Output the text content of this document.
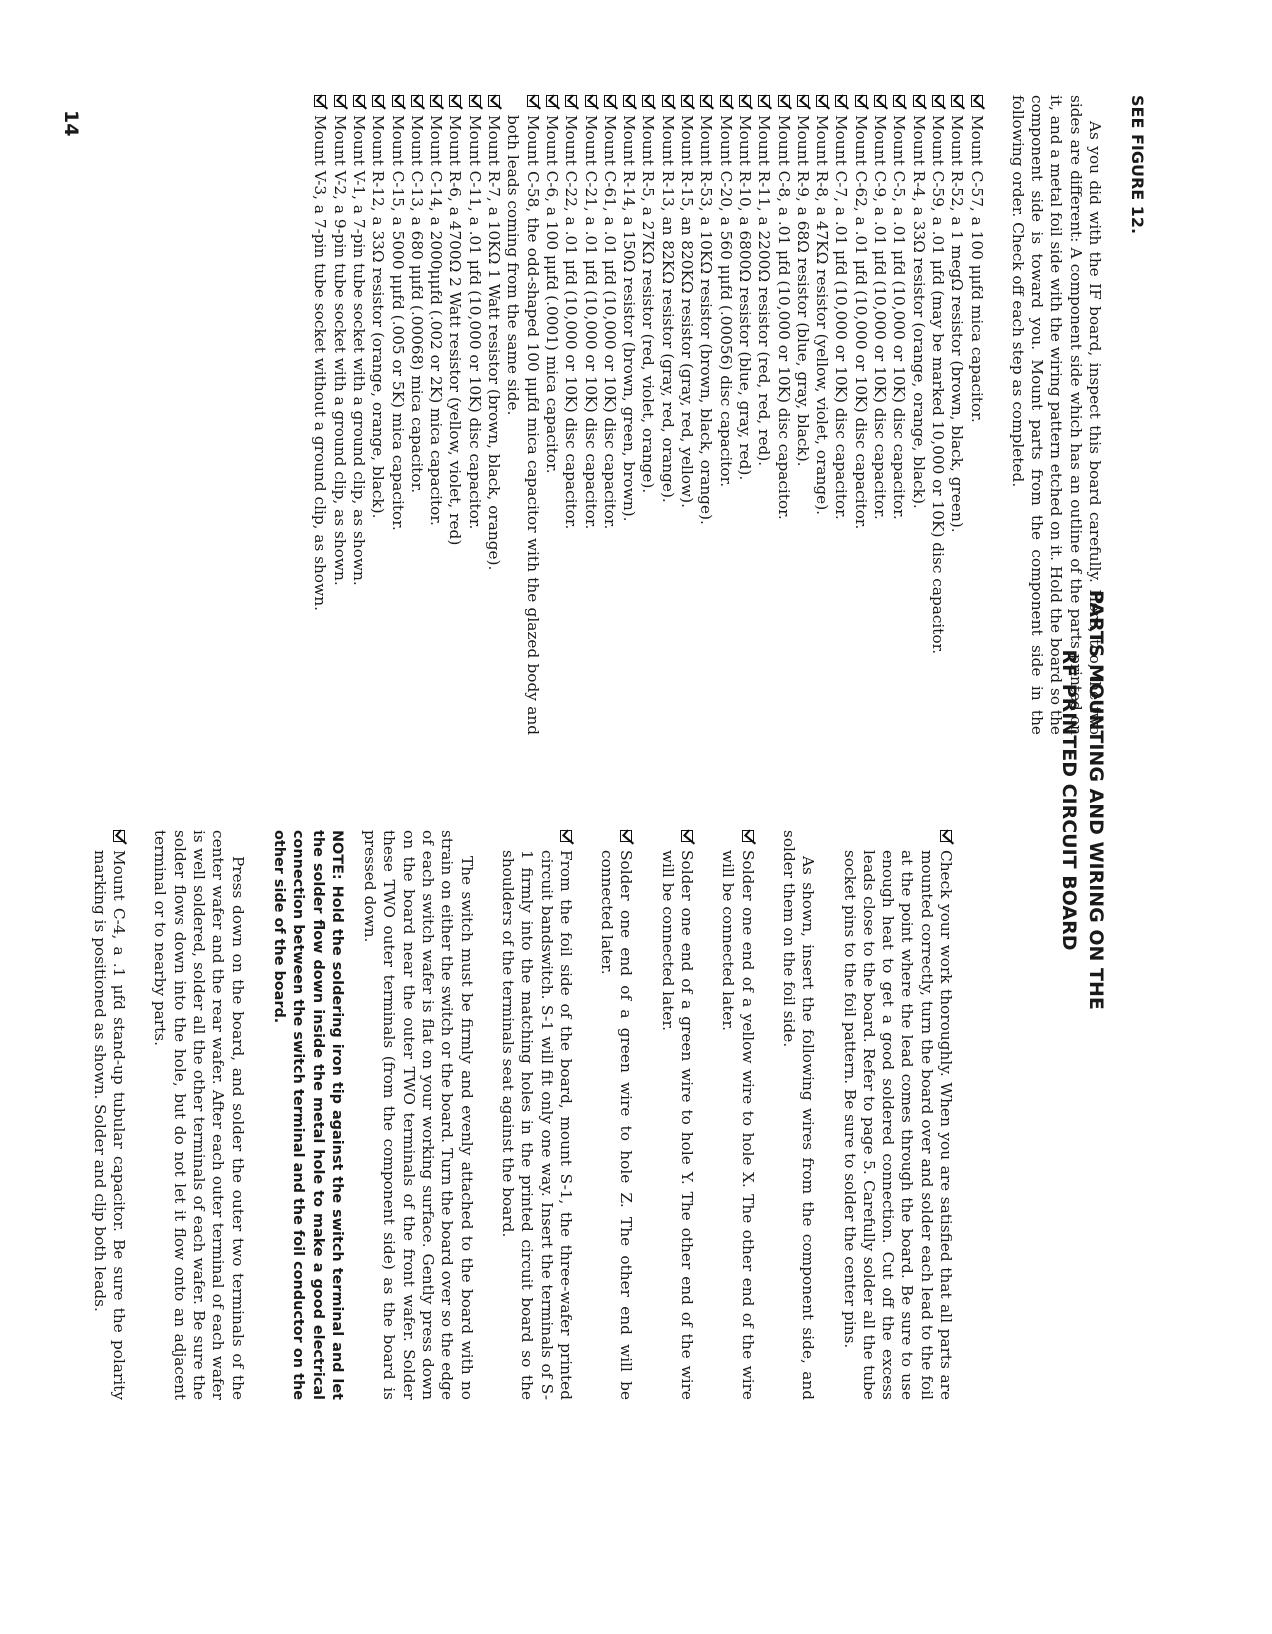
PARTS MOUNTING AND WIRING ON THE
RF PRINTED CIRCUIT BOARD
SEE FIGURE 12.

As you did with the IF board, inspect this board carefully. Here, too, the two sides are different: A component side which has an outline of the parts printed on it, and a metal foil side with the wiring pattern etched on it. Hold the board so the component side is toward you. Mount parts from the component side in the following order. Check off each step as completed.

Mount C-57, a 100 μμfd mica capacitor.
Mount R-52, a 1 megΩ resistor (brown, black, green).
Mount C-59, a .01 μfd (may be marked 10,000 or 10K) disc capacitor.
Mount R-4, a 33Ω resistor (orange, orange, black).
Mount C-5, a .01 μfd (10,000 or 10K) disc capacitor.
Mount C-9, a .01 μfd (10,000 or 10K) disc capacitor.
Mount C-62, a .01 μfd (10,000 or 10K) disc capacitor.
Mount C-7, a .01 μfd (10,000 or 10K) disc capacitor.
Mount R-8, a 47KΩ resistor (yellow, violet, orange).
Mount R-9, a 68Ω resistor (blue, gray, black).
Mount C-8, a .01 μfd (10,000 or 10K) disc capacitor.
Mount R-11, a 2200Ω resistor (red, red, red).
Mount R-10, a 6800Ω resistor (blue, gray, red).
Mount C-20, a 560 μμfd (.00056) disc capacitor.
Mount R-53, a 10KΩ resistor (brown, black, orange).
Mount R-15, an 820KΩ resistor (gray, red, yellow).
Mount R-13, an 82KΩ resistor (gray, red, orange).
Mount R-5, a 27KΩ resistor (red, violet, orange).
Mount R-14, a 150Ω resistor (brown, green, brown).
Mount C-61, a .01 μfd (10,000 or 10K) disc capacitor.
Mount C-21, a .01 μfd (10,000 or 10K) disc capacitor.
Mount C-22, a .01 μfd (10,000 or 10K) disc capacitor.
Mount C-6, a 100 μμfd (.0001) mica capacitor.
Mount C-58, the odd-shaped 100 μμfd mica capacitor with the glazed body and both leads coming from the same side.
Mount R-7, a 10KΩ 1 Watt resistor (brown, black, orange).
Mount C-11, a .01 μfd (10,000 or 10K) disc capacitor.
Mount R-6, a 4700Ω 2 Watt resistor (yellow, violet, red)
Mount C-14, a 2000μμfd (.002 or 2K) mica capacitor.
Mount C-13, a 680 μμfd (.00068) mica capacitor.
Mount C-15, a 5000 μμfd (.005 or 5K) mica capacitor.
Mount R-12, a 33Ω resistor (orange, orange, black).
Mount V-1, a 7-pin tube socket with a ground clip, as shown.
Mount V-2, a 9-pin tube socket with a ground clip, as shown.
Mount V-3, a 7-pin tube socket without a ground clip, as shown.
Check your work thoroughly. When you are satisfied that all parts are mounted correctly, turn the board over and solder each lead to the foil at the point where the lead comes through the board. Be sure to use enough heat to get a good soldered connection. Cut off the excess leads close to the board. Refer to page 5. Carefully solder all the tube socket pins to the foil pattern. Be sure to solder the center pins.

As shown, insert the following wires from the component side, and solder them on the foil side.

Solder one end of a yellow wire to hole X. The other end of the wire will be connected later.
Solder one end of a green wire to hole Y. The other end of the wire will be connected later.
Solder one end of a green wire to hole Z. The other end will be connected later.
From the foil side of the board, mount S-1, the three-wafer printed circuit bandswitch. S-1 will fit only one way. Insert the terminals of S-1 firmly into the matching holes in the printed circuit board so the shoulders of the terminals seat against the board.

The switch must be firmly and evenly attached to the board with no strain on either the switch or the board. Turn the board over so the edge of each switch wafer is flat on your working surface. Gently press down on the board near the outer TWO terminals of the front wafer. Solder these TWO outer terminals (from the component side) as the board is pressed down.

NOTE: Hold the soldering iron tip against the switch terminal and let the solder flow down inside the metal hole to make a good electrical connection between the switch terminal and the foil conductor on the other side of the board.

Press down on the board, and solder the outer two terminals of the center wafer and the rear wafer. After each outer terminal of each wafer is well soldered, solder all the other terminals of each wafer. Be sure the solder flows down into the hole, but do not let it flow onto an adjacent terminal or to nearby parts.

Mount C-4, a .1 μfd stand-up tubular capacitor. Be sure the polarity marking is positioned as shown. Solder and clip both leads.
14
